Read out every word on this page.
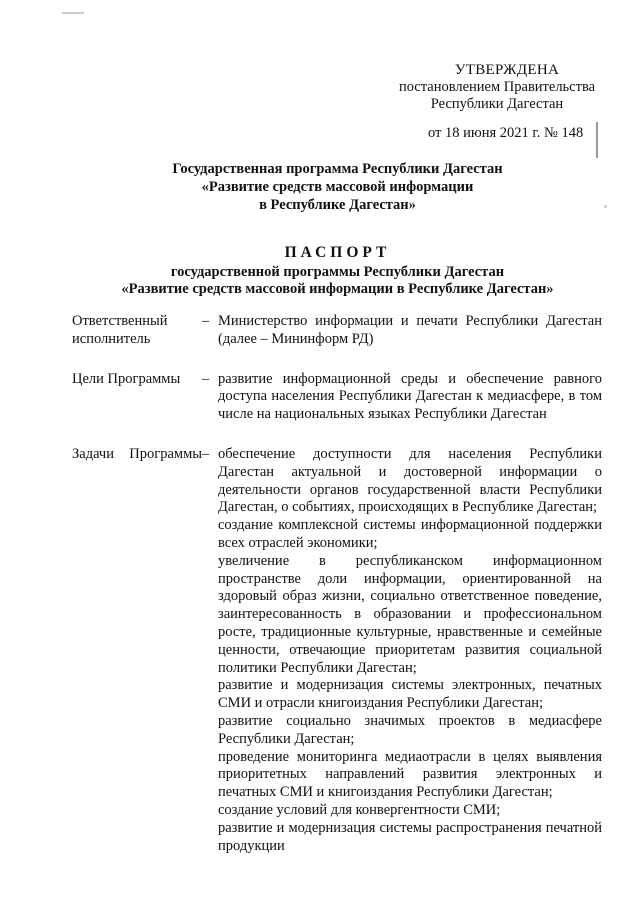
УТВЕРЖДЕНА
постановлением Правительства
Республики Дагестан
от 18 июня 2021 г. № 148
Государственная программа Республики Дагестан
«Развитие средств массовой информации
в Республике Дагестан»
ПАСПОРТ
государственной программы Республики Дагестан
«Развитие средств массовой информации в Республике Дагестан»
Ответственный исполнитель
– Министерство информации и печати Республики Дагестан (далее – Мининформ РД)
Цели Программы	– развитие информационной среды и обеспечение равного доступа населения Республики Дагестан к медиасфере, в том числе на национальных языках Республики Дагестан
Задачи Программы – обеспечение доступности для населения Республики Дагестан актуальной и достоверной информации о деятельности органов государственной власти Республики Дагестан, о событиях, происходящих в Республике Дагестан;

создание комплексной системы информационной поддержки всех отраслей экономики;

увеличение в республиканском информационном пространстве доли информации, ориентированной на здоровый образ жизни, социально ответственное поведение, заинтересованность в образовании и профессиональном росте, традиционные культурные, нравственные и семейные ценности, отвечающие приоритетам развития социальной политики Республики Дагестан;

развитие и модернизация системы электронных, печатных СМИ и отрасли книгоиздания Республики Дагестан;

развитие социально значимых проектов в медиасфере Республики Дагестан;

проведение мониторинга медиаотрасли в целях выявления приоритетных направлений развития электронных и печатных СМИ и книгоиздания Республики Дагестан;

создание условий для конвергентности СМИ;

развитие и модернизация системы распространения печатной продукции
